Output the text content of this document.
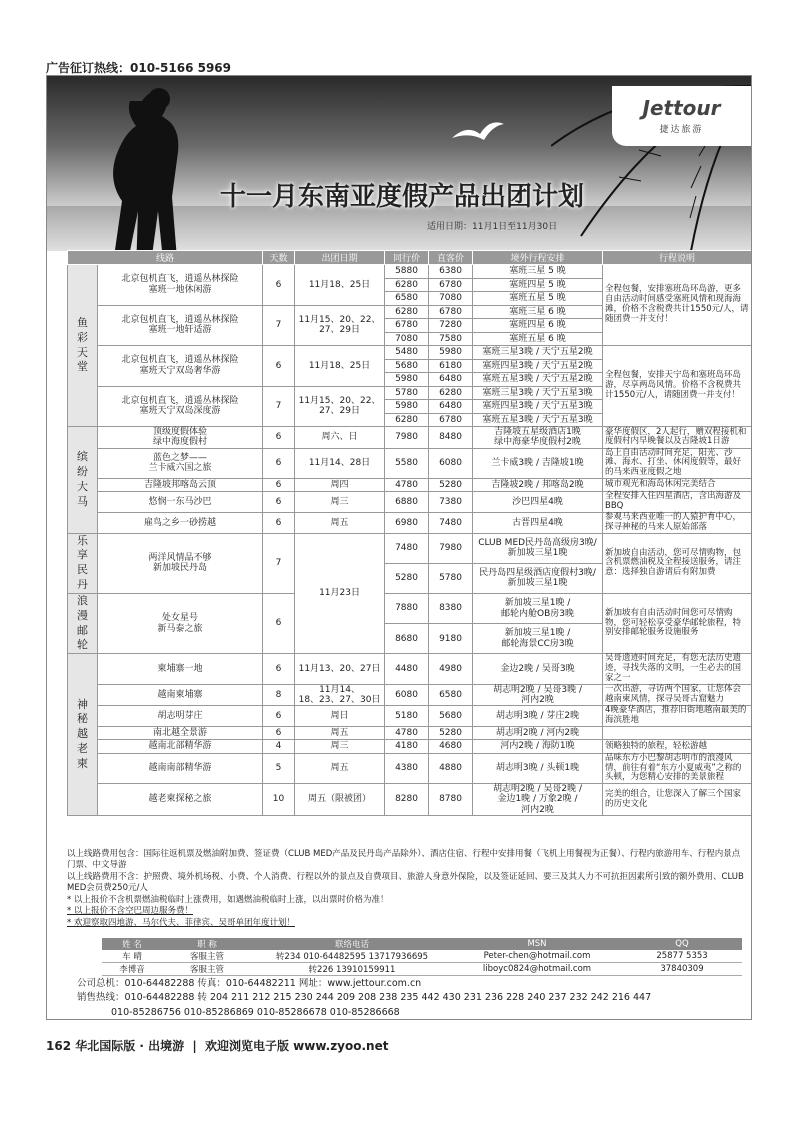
广告征订热线：010-5166 5969
Jettour
捷达旅游
十一月东南亚度假产品出团计划
适用日期：11月1日至11月30日
线路		天数	出团日期	同行价	直客价	境外行程安排	行程说明
鱼
彩
天
堂	北京包机直飞，逍遥丛林探险
塞班一地休闲游	6	11月18、25日	5880	6380	塞班三星 5 晚	全程包餐，安排塞班岛环岛游，更多自由活动时间感受塞班风情和现海海滩，价格不含税费共计1550元/人，请随团费一并支付！
				6280	6780	塞班四星 5 晚	
				6580	7080	塞班五星 5 晚	
	北京包机直飞，逍遥丛林探险
塞班一地轩适游	7	11月15、20、22、
27、29日	6280	6780	塞班三星 6 晚	
				6780	7280	塞班四星 6 晚	
				7080	7580	塞班五星 6 晚	
	北京包机直飞，逍遥丛林探险
塞班天宁双岛奢华游	6	11月18、25日	5480	5980	塞班三星3晚 / 天宁五星2晚	全程包餐，安排天宁岛和塞班岛环岛游，尽享两岛风情。价格不含税费共计1550元/人，请随团费一并支付！
				5680	6180	塞班四星3晚 / 天宁五星2晚	
				5980	6480	塞班五星3晚 / 天宁五星2晚	
	北京包机直飞，逍遥丛林探险
塞班天宁双岛深度游	7	11月15、20、22、
27、29日	5780	6280	塞班三星3晚 / 天宁五星3晚	
				5980	6480	塞班四星3晚 / 天宁五星3晚	
				6280	6780	塞班五星3晚 / 天宁五星3晚	
缤
纷
大
马	顶级度假体验
绿中海度假村	6	周六、日	7980	8480	吉隆坡五星级酒店1晚
绿中海豪华度假村2晚	豪华度假区，2人起行，赠双程接机和度假村内早晚餐以及吉隆坡1日游
	蓝色之梦——
兰卡威六国之旅	6	11月14、28日	5580	6080	兰卡威3晚 / 吉隆坡1晚	岛上自由活动时间充足，阳光、沙滩、海水、打坐、休闲度假等，最好的马来西亚度假之地
	吉隆坡邦喀岛云顶	6	周四	4780	5280	吉隆坡2晚 / 邦喀岛2晚	城市观光和海岛休闲完美结合
	悠悯一东马沙巴	6	周三	6880	7380	沙巴四星4晚	全程安排入住四星酒店，含出海游及BBQ
	雇鸟之乡一砂捞越	6	周五	6980	7480	古晋四星4晚	参观马来西亚唯一的人猿护育中心，探寻神秘的马来人原始部落
乐
享
民
丹	两洋风情品不够
新加坡民丹岛	7	11月23日	7480	7980	CLUB MED民丹岛高级房3晚/新加坡三星1晚	新加坡自由活动，您可尽情购物，包含机票燃油税及全程接送服务，请注意：选择独自游请后有附加费
				5280	5780	民丹岛四星级酒店度假村3晚/新加坡三星1晚	
浪
漫
邮
轮	处女星号
新马泰之旅	6		7880	8380	新加坡三星1晚 /
邮轮内舱OB房3晚	新加坡有自由活动时间您可尽情购物，您可轻松享受豪华邮轮旅程，特别安排邮轮服务设施服务
				8680	9180	新加坡三星1晚 /
邮轮海景CC房3晚	
神
秘
越
老
柬	柬埔寨一地	6	11月13、20、27日	4480	4980	金边2晚 / 吴哥3晚	吴哥遗迹时间充足，有您无法历史遗迹，寻找失落的文明，一生必去的国家之一
	越南柬埔寨	8	11月14、
18、23、27、30日	6080	6580	胡志明2晚 / 吴哥3晚 /
河内2晚	一次出游，寻访两个国家，让您体会越南柬风情，探寻吴哥古窟魅力
	胡志明芽庄	6	周日	5180	5680	胡志明3晚 / 芽庄2晚	4晚豪华酒店，推荐旧街地越南最美的海滨胜地
	南北越全景游	6	周五	4780	5280	胡志明2晚 / 河内2晚	
	越南北部精华游	4	周三	4180	4680	河内2晚 / 海防1晚	领略独特的旅程，轻松游越
	越南南部精华游	5	周五	4380	4880	胡志明3晚 / 头顿1晚	品味东方小巴黎胡志明市的浪漫风情，前往有着“东方小夏威夷”之称的头顿，为您精心安排的美景旅程
	越老柬探秘之旅	10	周五（限被团）	8280	8780	胡志明2晚 / 吴哥2晚 /
金边1晚 / 万象2晚 /
河内2晚	完美的组合，让您深入了解三个国家的历史文化
以上线路费用包含：国际往返机票及燃油附加费、签证费（CLUB MED产品及民丹岛产品除外）、酒店住宿、行程中安排用餐（飞机上用餐视为正餐）、行程内旅游用车、行程内景点门票、中文导游
以上线路费用不含：护照费、境外机场税、小费、个人消费、行程以外的景点及自费项目、旅游人身意外保险，以及签证延回、要三及其人力不可抗拒因素所引致的额外费用、CLUB MED会员费250元/人
* 以上报价不含机票燃油税临时上涨费用，如遇燃油税临时上涨，以出票时价格为准！
* 以上报价不含空巴周边服务费！
* 欢迎察取四地游、马尔代夫、菲律宾、吴哥单团年度计划！
姓 名	职 称	联络电话	MSN	QQ
车 晴	客服主管	转234 010-64482595 13717936695	Peter-chen@hotmail.com	25877 5353
李博音	客服主管	转226 13910159911	liboyc0824@hotmail.com	37840309
公司总机：010-64482288 传真：010-64482211 网址：www.jettour.com.cn
销售热线：010-64482288 转 204 211 212 215 230 244 209 208 238 235 442 430 231 236 228 240 237 232 242 216 447
010-85286756 010-85286869 010-85286678 010-85286668
162 华北国际版 · 出境游 | 欢迎浏览电子版 www.zyoo.net
